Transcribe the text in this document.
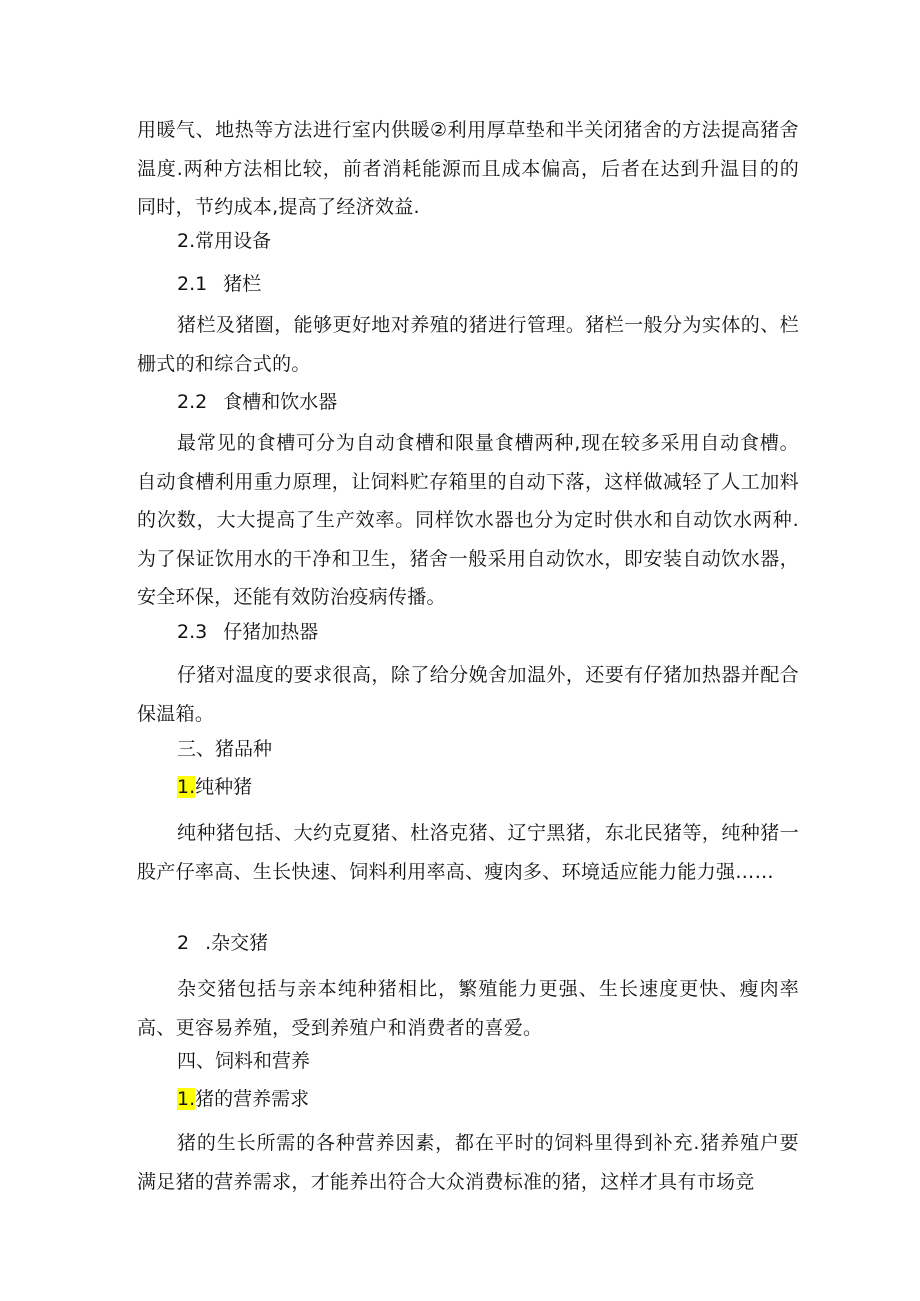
用暖气、地热等方法进行室内供暖②利用厚草垫和半关闭猪舍的方法提高猪舍温度.两种方法相比较，前者消耗能源而且成本偏高，后者在达到升温目的的同时，节约成本,提高了经济效益.

2.常用设备

2.1 猪栏

猪栏及猪圈，能够更好地对养殖的猪进行管理。猪栏一般分为实体的、栏栅式的和综合式的。

2.2 食槽和饮水器

最常见的食槽可分为自动食槽和限量食槽两种,现在较多采用自动食槽。自动食槽利用重力原理，让饲料贮存箱里的自动下落，这样做减轻了人工加料的次数，大大提高了生产效率。同样饮水器也分为定时供水和自动饮水两种.为了保证饮用水的干净和卫生，猪舍一般采用自动饮水，即安装自动饮水器，安全环保，还能有效防治疫病传播。

2.3 仔猪加热器

仔猪对温度的要求很高，除了给分娩舍加温外，还要有仔猪加热器并配合保温箱。

三、猪品种

1.纯种猪

纯种猪包括、大约克夏猪、杜洛克猪、辽宁黑猪，东北民猪等，纯种猪一股产仔率高、生长快速、饲料利用率高、瘦肉多、环境适应能力能力强……

2 .杂交猪

杂交猪包括与亲本纯种猪相比，繁殖能力更强、生长速度更快、瘦肉率高、更容易养殖，受到养殖户和消费者的喜爱。

四、饲料和营养

1.猪的营养需求

猪的生长所需的各种营养因素，都在平时的饲料里得到补充.猪养殖户要满足猪的营养需求，才能养出符合大众消费标准的猪，这样才具有市场竞
